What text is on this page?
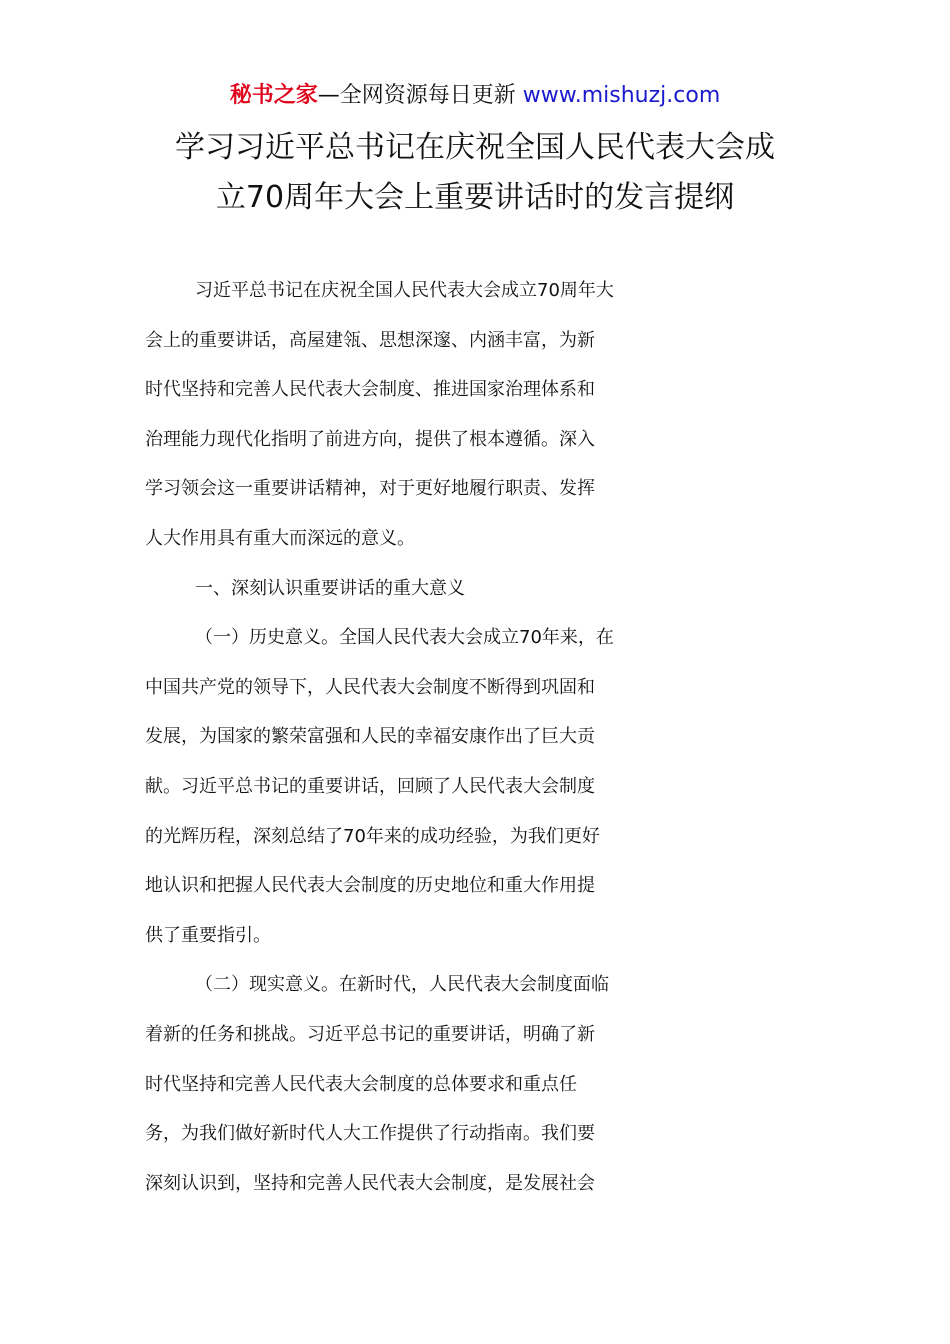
秘书之家—全网资源每日更新 www.mishuzj.com
学习习近平总书记在庆祝全国人民代表大会成
立70周年大会上重要讲话时的发言提纲

习近平总书记在庆祝全国人民代表大会成立70周年大
会上的重要讲话，高屋建瓴、思想深邃、内涵丰富，为新
时代坚持和完善人民代表大会制度、推进国家治理体系和
治理能力现代化指明了前进方向，提供了根本遵循。深入
学习领会这一重要讲话精神，对于更好地履行职责、发挥
人大作用具有重大而深远的意义。

一、深刻认识重要讲话的重大意义

（一）历史意义。全国人民代表大会成立70年来，在
中国共产党的领导下，人民代表大会制度不断得到巩固和
发展，为国家的繁荣富强和人民的幸福安康作出了巨大贡
献。习近平总书记的重要讲话，回顾了人民代表大会制度
的光辉历程，深刻总结了70年来的成功经验，为我们更好
地认识和把握人民代表大会制度的历史地位和重大作用提
供了重要指引。

（二）现实意义。在新时代，人民代表大会制度面临
着新的任务和挑战。习近平总书记的重要讲话，明确了新
时代坚持和完善人民代表大会制度的总体要求和重点任
务，为我们做好新时代人大工作提供了行动指南。我们要
深刻认识到，坚持和完善人民代表大会制度，是发展社会
